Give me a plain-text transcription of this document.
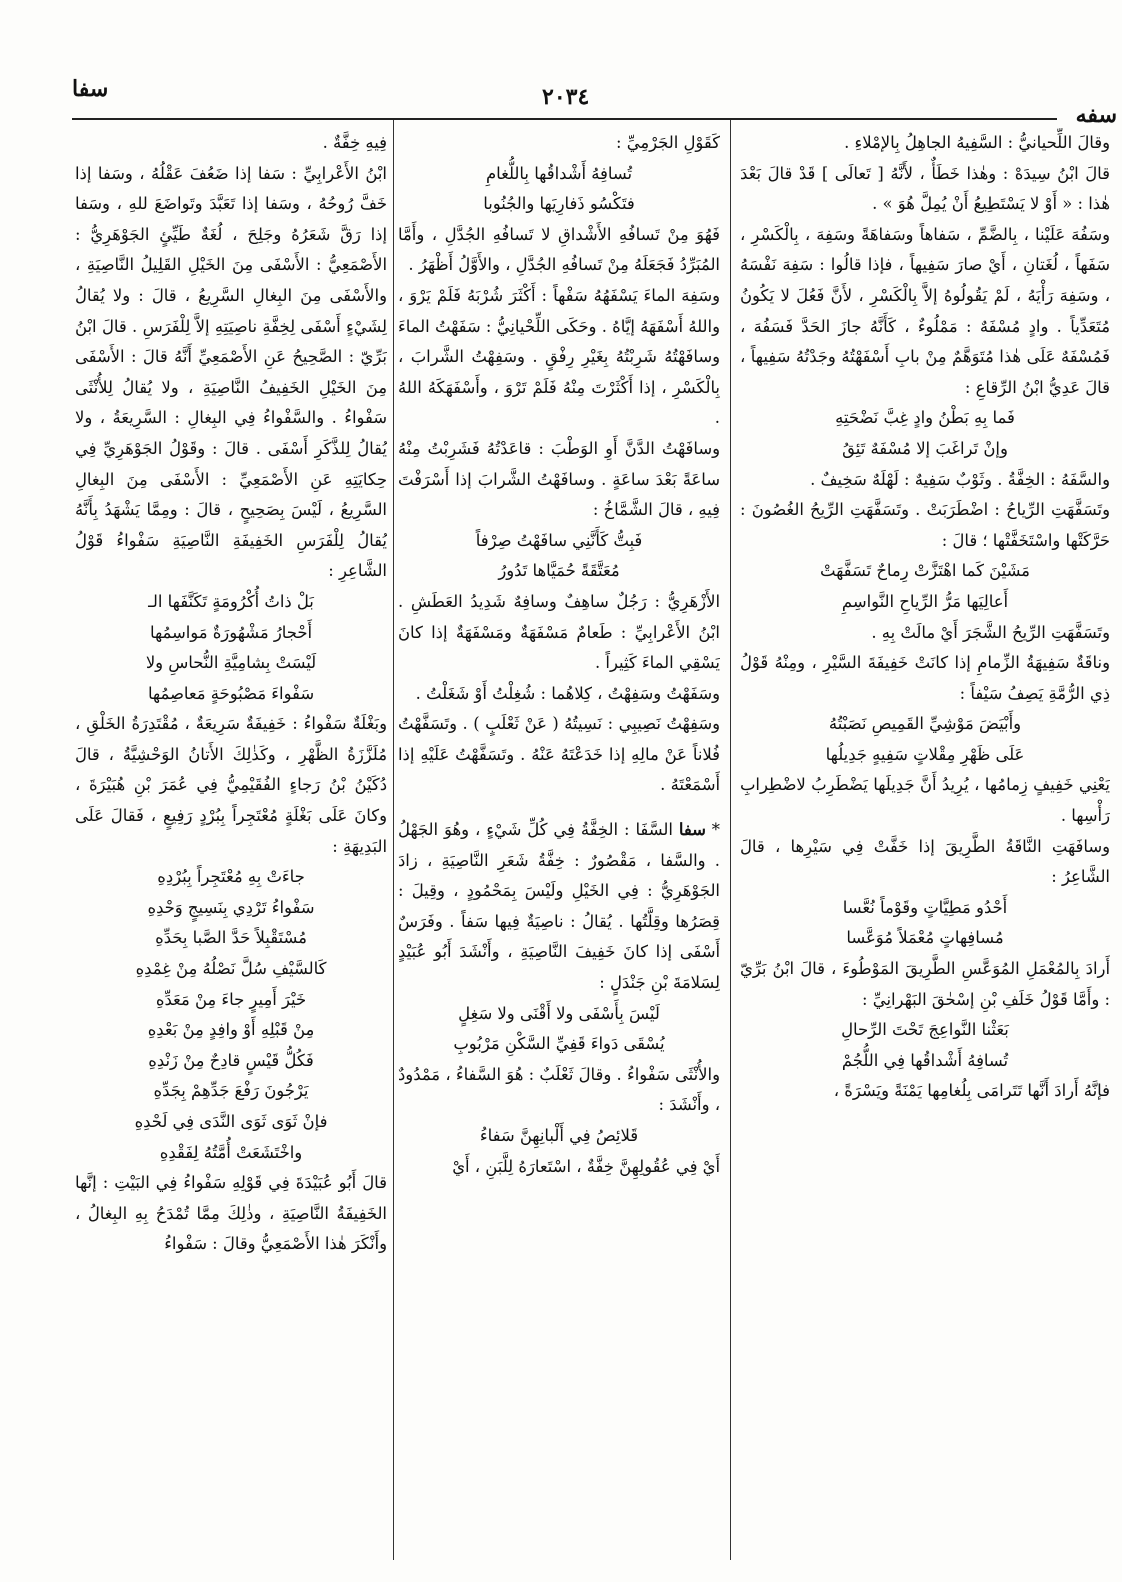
سفا	٢٠٣٤
سفه

وقالَ اللِّحيانيُّ : السَّفِيهُ الجاهِلُ بِالإمْلاءِ .

قالَ ابْنُ سِيدَهْ : وهٰذا خَطَأٌ ، لأَنَّهُ [ تَعالَى ] قَدْ قالَ بَعْدَ هٰذا : « أَوْ لا يَسْتَطِيعُ أَنْ يُمِلَّ هُوَ » .

وسَفُهَ عَلَيْنا ، بِالضَّمِّ ، سَفاهاً وسَفاهَةً وسَفِهَ ، بِالْكَسْرِ ، سَفَهاً ، لُغَتانِ ، أَيْ صارَ سَفِيهاً ، فإذا قالُوا : سَفِهَ نَفْسَهُ ، وسَفِهَ رَأْيَهُ ، لَمْ يَقُولُوهُ إلاَّ بِالْكَسْرِ ، لأَنَّ فَعُلَ لا يَكُونُ مُتَعَدِّياً . وادٍ مُسْفَهٌ : مَمْلُوءٌ ، كَأَنَّهُ جازَ الحَدَّ فَسَفُهَ ، فَمُسْفَهٌ عَلَى هٰذا مُتَوَهَّمٌ مِنْ بابِ أَسْفَهْتُهُ وجَدْتُهُ سَفِيهاً ، قالَ عَدِيُّ ابْنُ الرِّقاعِ :

فَما بِهِ بَطْنُ وادٍ غِبَّ نَضْحَتِهِ

وإنْ تَراغَبَ إلا مُسْفَهٌ تَئِقُ

والسَّفَهُ : الخِفَّةُ . وثَوْبٌ سَفِيهٌ : لَهْلَهٌ سَخِيفٌ .

وتَسَفَّهَتِ الرِّياحُ : اضْطَرَبَتْ . وتَسَفَّهَتِ الرِّيحُ الغُصُونَ : حَرَّكَتْها واسْتَخَفَّتْها ؛ قالَ :

مَشَيْنَ كَما اهْتَزَّتْ رِماحٌ تَسَفَّهَتْ

أَعالِيَها مَرُّ الرِّياحِ النَّواسِمِ

وتَسَفَّهَتِ الرِّيحُ الشَّجَرَ أَيْ مالَتْ بِهِ .

وناقَةٌ سَفِيهَةُ الزِّمامِ إذا كانَتْ خَفِيفَةَ السَّيْرِ ، ومِنْهُ قَوْلُ ذِي الرُّمَّةِ يَصِفُ سَيْفاً :

وأَبْيَضَ مَوْشِيِّ القَمِيصِ نَصَبْتُهُ

عَلَى ظَهْرِ مِقْلاتٍ سَفِيهٍ جَدِيلُها

يَعْنِي خَفِيفٍ زِمامُها ، يُرِيدُ أَنَّ جَدِيلَها يَضْطَرِبُ لاضْطِرابِ رَأْسِها .

وسافَهَتِ النَّاقَةُ الطَّرِيقَ إذا خَفَّتْ فِي سَيْرِها ، قالَ الشَّاعِرُ :

أَحْدُو مَطِيَّاتٍ وقَوْماً نُعَّسا

مُسافِهاتٍ مُعْمَلاً مُوَعَّسا

أَرادَ بِالمُعْمَلِ المُوَعَّسِ الطَّرِيقَ المَوْطُوءَ ، قالَ ابْنُ بَرِّيّ : وأَمَّا قَوْلُ خَلَفِ بْنِ إسْحٰقَ البَهْرانِيِّ :

بَعَثْنا النَّواعِجَ تَحْتَ الرِّحالِ

تُسافِهُ أَشْداقُها فِي اللُّجُمْ

فإنَّهُ أَرادَ أَنَّها تَتَرامَى بِلُغامِها يَمْنَةً ويَسْرَةً ،

كَقَوْلِ الجَرْمِيِّ :

تُسافِهُ أَشْداقُها بِاللُّغامِ

فتَكْسُو ذَفارِيَها والجُنُوبا

فَهُوَ مِنْ تَسافُهِ الأَشْداقِ لا تَسافُهِ الجُدَّلِ ، وأَمَّا المُبَرِّدُ فَجَعَلَهُ مِنْ تَسافُهِ الجُدَّلِ ، والأَوَّلُ أَظْهَرُ .

وسَفِهَ الماءَ يَسْفَهُهُ سَفْهاً : أَكْثَرَ شُرْبَهُ فَلَمْ يَرْوَ ، واللهُ أَسْفَهَهُ إيَّاهُ . وحَكَى اللِّحْيانِيُّ : سَفَهْتُ الماءَ وسافَهْتُهُ شَرِبْتُهُ بِغَيْرِ رِفْقٍ . وسَفِهْتُ الشَّرابَ ، بِالْكَسْرِ ، إذا أَكْثَرْتَ مِنْهُ فَلَمْ تَرْوَ ، وأَسْفَهَكَهُ اللهُ .

وسافَهْتُ الدَّنَّ أَوِ الوَطْبَ : قاعَدْتُهُ فَشَرِبْتُ مِنْهُ ساعَةً بَعْدَ ساعَةٍ . وسافَهْتُ الشَّرابَ إذا أَسْرَفْتَ فِيهِ ، قالَ الشَّمَّاخُ :

فَبِتُّ كَأَنَّنِي سافَهْتُ صِرْفاً

مُعَتَّقَةً حُمَيَّاها تَدُورُ

الأَزْهَرِيُّ : رَجُلٌ ساهِفٌ وسافِهٌ شَدِيدُ العَطَشِ . ابْنُ الأَعْرابِيِّ : طَعامٌ مَسْفَهَةٌ ومَسْفَهَةٌ إذا كانَ يَسْقِي الماءَ كَثِيراً .

وسَفَهْتُ وسَفِهْتُ ، كِلاهُما : شُغِلْتُ أَوْ شَغَلْتُ .

وسَفِهْتُ نَصِيبِي : نَسِيتُهُ ( عَنْ ثَعْلَبٍ ) . وتَسَفَّهْتُ فُلاناً عَنْ مالِهِ إذا خَدَعْتَهُ عَنْهُ . وتَسَفَّهْتُ عَلَيْهِ إذا أَسْمَعْتَهُ .

* سفا السَّفَا : الخِفَّةُ فِي كُلِّ شَيْءٍ ، وهُوَ الجَهْلُ . والسَّفا ، مَقْصُورٌ : خِفَّةُ شَعَرِ النَّاصِيَةِ ، زادَ الجَوْهَرِيُّ : فِي الخَيْلِ ولَيْسَ بِمَحْمُودٍ ، وقِيلَ : قِصَرُها وقِلَّتُها . يُقالُ : ناصِيَةٌ فِيها سَفاً . وفَرَسٌ أَسْفَى إذا كانَ خَفِيفَ النَّاصِيَةِ ، وأَنْشَدَ أَبُو عُبَيْدٍ لِسَلامَةَ بْنِ جَنْدَلٍ :

لَيْسَ بِأَسْفَى ولا أَقْنَى ولا سَغِلٍ

يُسْقَى دَواءَ قَفِيِّ السَّكْنِ مَرْبُوبِ

والأُنْثَى سَفْواءُ . وقالَ ثَعْلَبٌ : هُوَ السَّفاءُ ، مَمْدُودٌ ، وأَنْشَدَ :

قَلائِصُ فِي أَلْبانِهِنَّ سَفاءُ

أَيْ فِي عُقُولِهِنَّ خِفَّةٌ ، اسْتَعارَهُ لِلَّبَنِ ، أَيْ

فِيهِ خِفَّةٌ .

ابْنُ الأَعْرابِيِّ : سَفا إذا ضَعُفَ عَقْلُهُ ، وسَفا إذا خَفَّ رُوحُهُ ، وسَفا إذا تَعَبَّدَ وتَواضَعَ للهِ ، وسَفا إذا رَقَّ شَعَرُهُ وجَلِحَ ، لُغَةٌ طَيِّئٍ الجَوْهَرِيُّ : الأَصْمَعِيُّ : الأَسْفَى مِنَ الخَيْلِ القَلِيلُ النَّاصِيَةِ ، والأَسْفَى مِنَ البِغالِ السَّرِيعُ ، قالَ : ولا يُقالُ لِشَيْءٍ أَسْفَى لِخِفَّةِ ناصِيَتِهِ إلاَّ لِلْفَرَسِ . قالَ ابْنُ بَرِّيّ : الصَّحِيحُ عَنِ الأَصْمَعِيِّ أَنَّهُ قالَ : الأَسْفَى مِنَ الخَيْلِ الخَفِيفُ النَّاصِيَةِ ، ولا يُقالُ لِلأُنْثَى سَفْواءُ . والسَّفْواءُ فِي البِغالِ : السَّرِيعَةُ ، ولا يُقالُ لِلذَّكَرِ أَسْفَى . قالَ : وقَوْلُ الجَوْهَرِيِّ فِي حِكايَتِهِ عَنِ الأَصْمَعِيِّ : الأَسْفَى مِنَ البِغالِ السَّرِيعُ ، لَيْسَ بِصَحِيحٍ ، قالَ : ومِمَّا يَشْهَدُ بِأَنَّهُ يُقالُ لِلْفَرَسِ الخَفِيفَةِ النَّاصِيَةِ سَفْواءُ قَوْلُ الشَّاعِرِ :

بَلْ ذاتُ أُكْرُومَةٍ تَكَنَّفَها الـ

أَحْجارُ مَشْهُورَةٌ مَواسِمُها

لَيْسَتْ بِشامِيَّةِ النُّحاسِ ولا

سَفْواءَ مَصْبُوحَةٍ مَعاصِمُها

وبَغْلَةٌ سَفْواءُ : خَفِيفَةٌ سَرِيعَةٌ ، مُقْتَدِرَةُ الخَلْقِ ، مُلَزَّزَةُ الظَّهْرِ ، وكَذٰلِكَ الأَتانُ الوَحْشِيَّةُ ، قالَ دُكَيْنُ بْنُ رَجاءٍ الفُقَيْمِيُّ فِي عُمَرَ بْنِ هُبَيْرَةَ ، وكانَ عَلَى بَغْلَةٍ مُعْتَجِراً بِبُرْدٍ رَفِيعٍ ، فَقالَ عَلَى البَدِيهَةِ :

جاءَتْ بِهِ مُعْتَجِراً بِبُرْدِهِ

سَفْواءُ تَرْدِي بِنَسِيجٍ وَحْدِهِ

مُسْتَقْبِلاً حَدَّ الصَّبا بِحَدِّهِ

كَالسَّيْفِ سُلَّ نَصْلُهُ مِنْ غِمْدِهِ

خَيْرَ أَمِيرٍ جاءَ مِنْ مَعَدِّهِ

مِنْ قَبْلِهِ أَوْ وافِدٍ مِنْ بَعْدِهِ

فَكُلُّ قَيْسٍ قادِحٌ مِنْ زَنْدِهِ

يَرْجُونَ رَفْعَ جَدِّهِمْ بِجَدِّهِ

فإنْ ثَوَى ثَوَى النَّدَى فِي لَحْدِهِ

واخْتَشَعَتْ أُمَّتُهُ لِفَقْدِهِ

قالَ أَبُو عُبَيْدَةَ فِي قَوْلِهِ سَفْواءُ فِي البَيْتِ : إنَّها الخَفِيفَةُ النَّاصِيَةِ ، وذٰلِكَ مِمَّا تُمْدَحُ بِهِ البِغالُ ، وأَنْكَرَ هٰذا الأَصْمَعِيُّ وقالَ : سَفْواءُ
